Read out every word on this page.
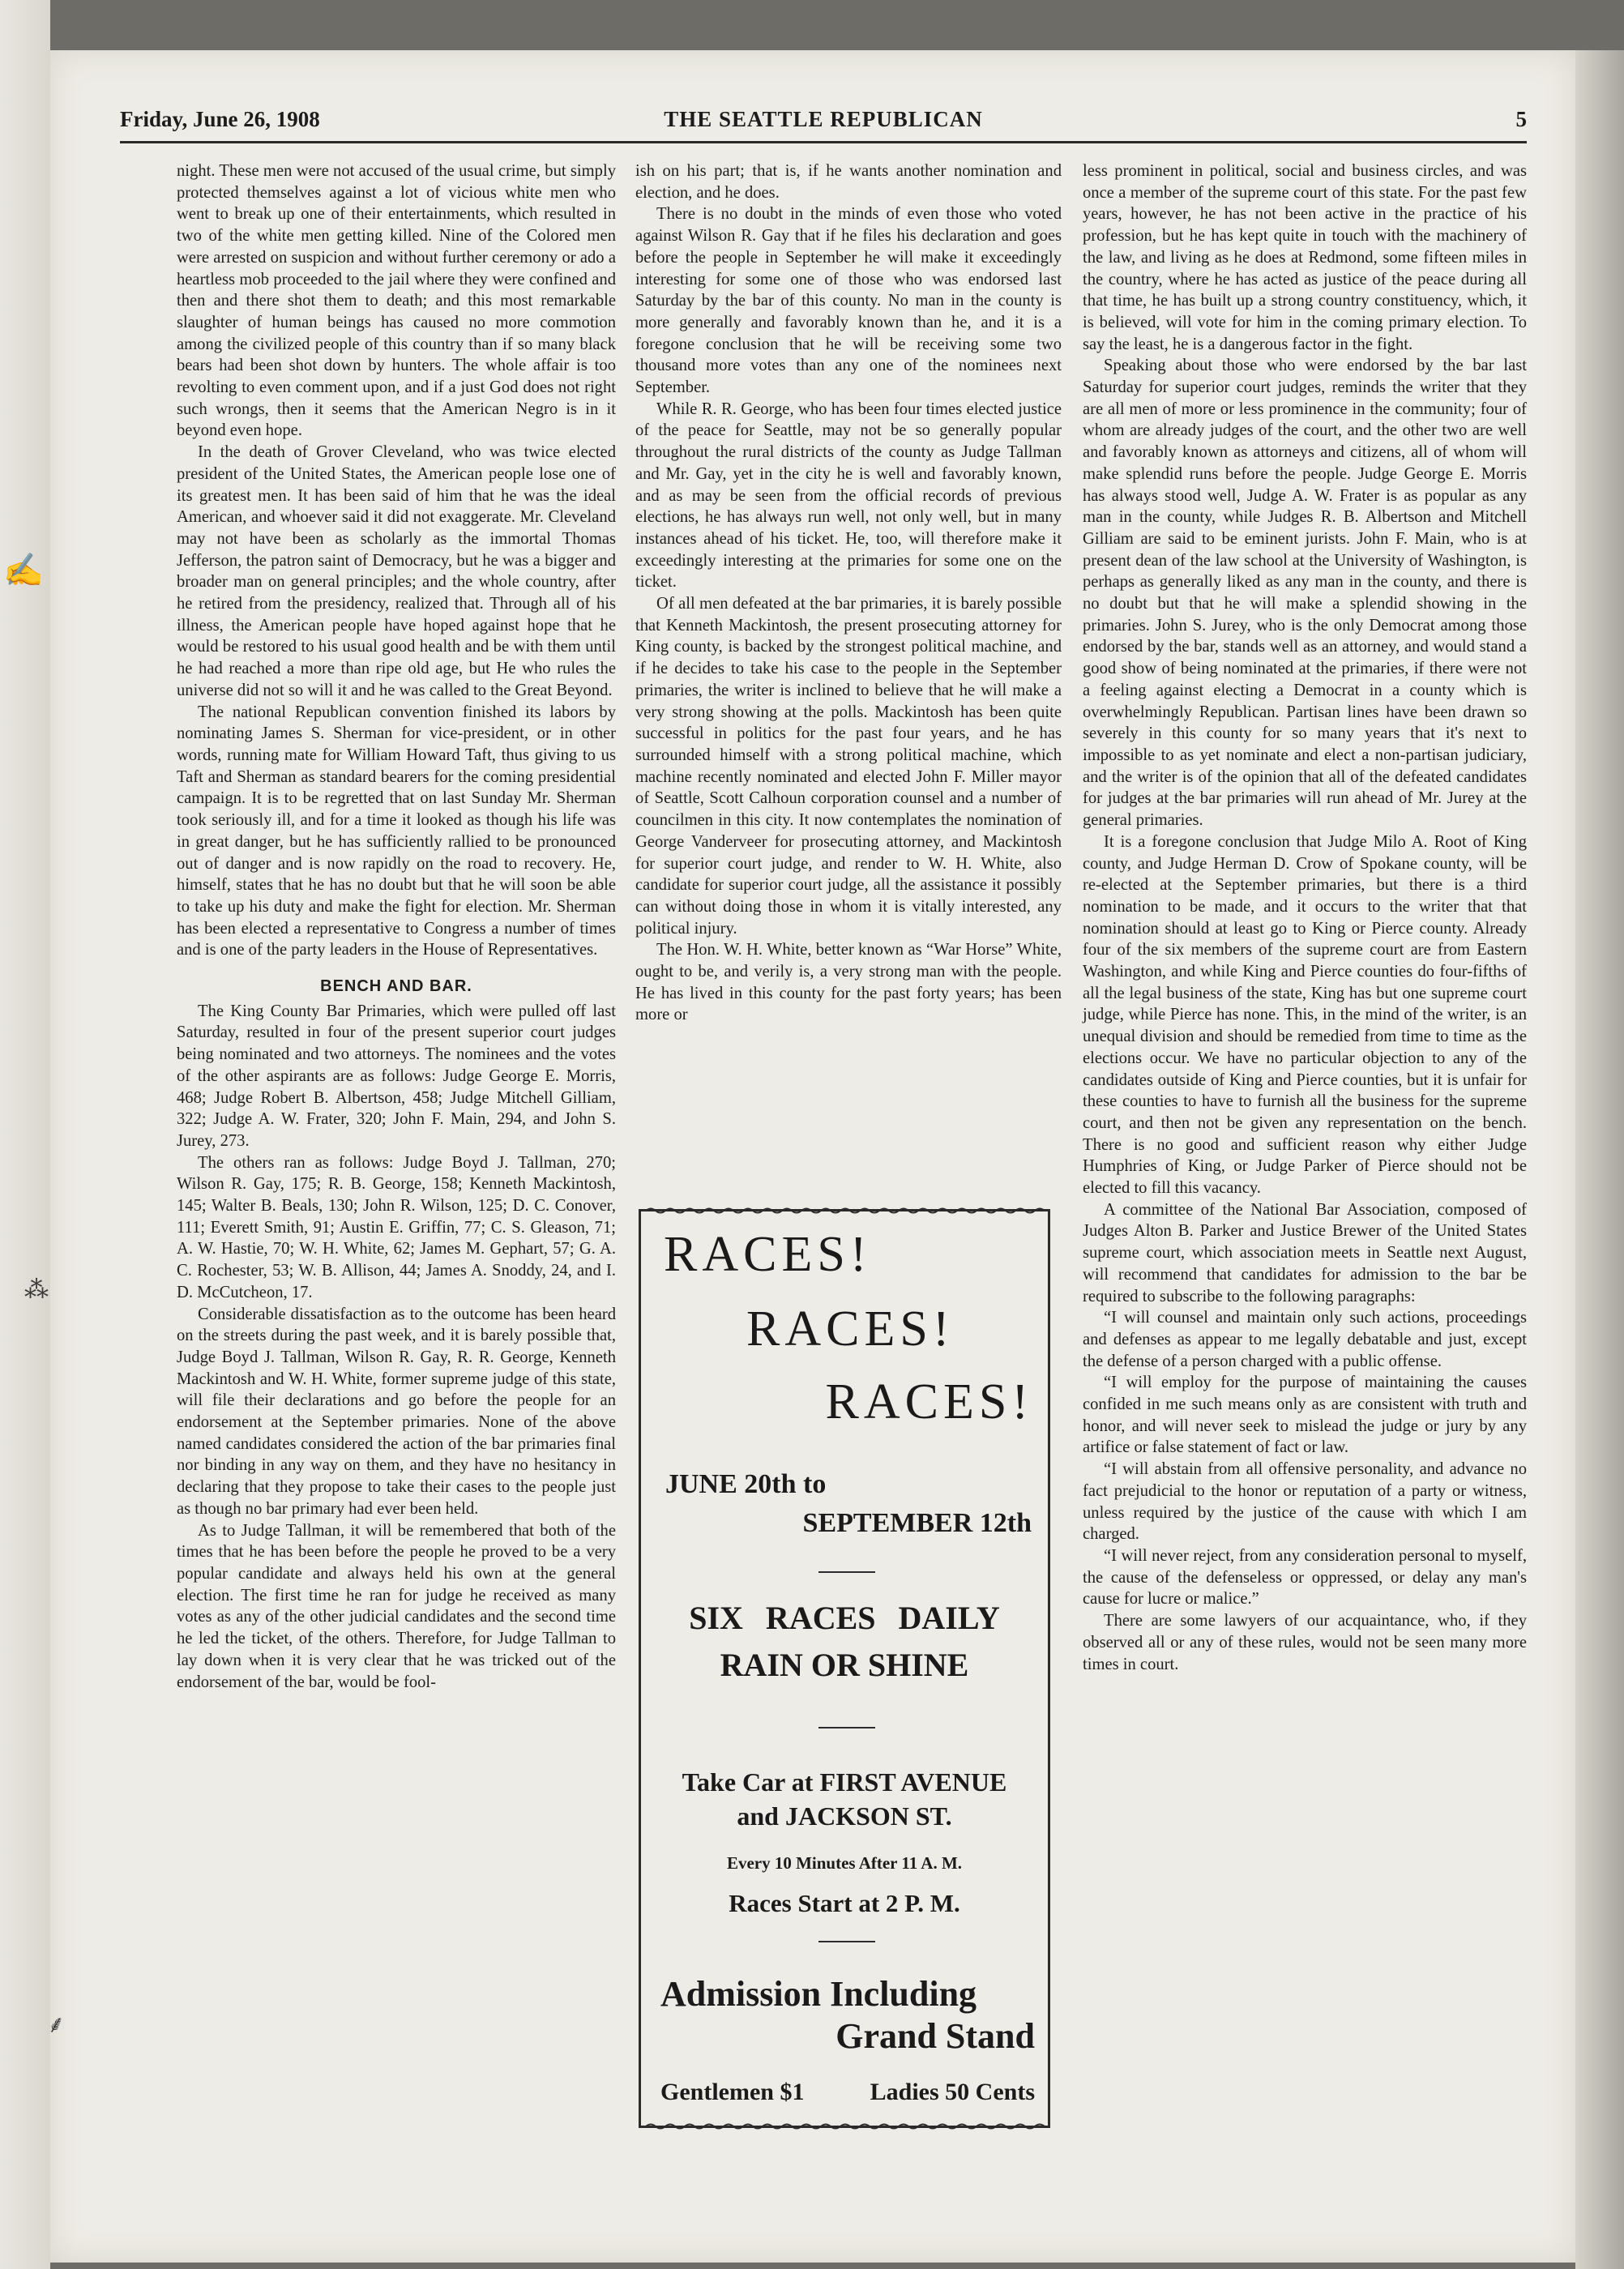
✍
⁂
⸙
Friday, June 26, 1908	THE SEATTLE REPUBLICAN	5

night. These men were not accused of the usual crime, but simply protected themselves against a lot of vicious white men who went to break up one of their entertainments, which resulted in two of the white men getting killed. Nine of the Colored men were arrested on suspicion and without further ceremony or ado a heartless mob proceeded to the jail where they were confined and then and there shot them to death; and this most remarkable slaughter of human beings has caused no more commotion among the civilized people of this country than if so many black bears had been shot down by hunters. The whole affair is too revolting to even comment upon, and if a just God does not right such wrongs, then it seems that the American Negro is in it beyond even hope.

In the death of Grover Cleveland, who was twice elected president of the United States, the American people lose one of its greatest men. It has been said of him that he was the ideal American, and whoever said it did not exaggerate. Mr. Cleveland may not have been as scholarly as the immortal Thomas Jefferson, the patron saint of Democracy, but he was a bigger and broader man on general principles; and the whole country, after he retired from the presidency, realized that. Through all of his illness, the American people have hoped against hope that he would be restored to his usual good health and be with them until he had reached a more than ripe old age, but He who rules the universe did not so will it and he was called to the Great Beyond.

The national Republican convention finished its labors by nominating James S. Sherman for vice-president, or in other words, running mate for William Howard Taft, thus giving to us Taft and Sherman as standard bearers for the coming presidential campaign. It is to be regretted that on last Sunday Mr. Sherman took seriously ill, and for a time it looked as though his life was in great danger, but he has sufficiently rallied to be pronounced out of danger and is now rapidly on the road to recovery. He, himself, states that he has no doubt but that he will soon be able to take up his duty and make the fight for election. Mr. Sherman has been elected a representative to Congress a number of times and is one of the party leaders in the House of Representatives.

BENCH AND BAR.

The King County Bar Primaries, which were pulled off last Saturday, resulted in four of the present superior court judges being nominated and two attorneys. The nominees and the votes of the other aspirants are as follows: Judge George E. Morris, 468; Judge Robert B. Albertson, 458; Judge Mitchell Gilliam, 322; Judge A. W. Frater, 320; John F. Main, 294, and John S. Jurey, 273.

The others ran as follows: Judge Boyd J. Tallman, 270; Wilson R. Gay, 175; R. B. George, 158; Kenneth Mackintosh, 145; Walter B. Beals, 130; John R. Wilson, 125; D. C. Conover, 111; Everett Smith, 91; Austin E. Griffin, 77; C. S. Gleason, 71; A. W. Hastie, 70; W. H. White, 62; James M. Gephart, 57; G. A. C. Rochester, 53; W. B. Allison, 44; James A. Snoddy, 24, and I. D. McCutcheon, 17.

Considerable dissatisfaction as to the outcome has been heard on the streets during the past week, and it is barely possible that, Judge Boyd J. Tallman, Wilson R. Gay, R. R. George, Kenneth Mackintosh and W. H. White, former supreme judge of this state, will file their declarations and go before the people for an endorsement at the September primaries. None of the above named candidates considered the action of the bar primaries final nor binding in any way on them, and they have no hesitancy in declaring that they propose to take their cases to the people just as though no bar primary had ever been held.

As to Judge Tallman, it will be remembered that both of the times that he has been before the people he proved to be a very popular candidate and always held his own at the general election. The first time he ran for judge he received as many votes as any of the other judicial candidates and the second time he led the ticket, of the others. Therefore, for Judge Tallman to lay down when it is very clear that he was tricked out of the endorsement of the bar, would be fool-

ish on his part; that is, if he wants another nomination and election, and he does.

There is no doubt in the minds of even those who voted against Wilson R. Gay that if he files his declaration and goes before the people in September he will make it exceedingly interesting for some one of those who was endorsed last Saturday by the bar of this county. No man in the county is more generally and favorably known than he, and it is a foregone conclusion that he will be receiving some two thousand more votes than any one of the nominees next September.

While R. R. George, who has been four times elected justice of the peace for Seattle, may not be so generally popular throughout the rural districts of the county as Judge Tallman and Mr. Gay, yet in the city he is well and favorably known, and as may be seen from the official records of previous elections, he has always run well, not only well, but in many instances ahead of his ticket. He, too, will therefore make it exceedingly interesting at the primaries for some one on the ticket.

Of all men defeated at the bar primaries, it is barely possible that Kenneth Mackintosh, the present prosecuting attorney for King county, is backed by the strongest political machine, and if he decides to take his case to the people in the September primaries, the writer is inclined to believe that he will make a very strong showing at the polls. Mackintosh has been quite successful in politics for the past four years, and he has surrounded himself with a strong political machine, which machine recently nominated and elected John F. Miller mayor of Seattle, Scott Calhoun corporation counsel and a number of councilmen in this city. It now contemplates the nomination of George Vanderveer for prosecuting attorney, and Mackintosh for superior court judge, and render to W. H. White, also candidate for superior court judge, all the assistance it possibly can without doing those in whom it is vitally interested, any political injury.

The Hon. W. H. White, better known as “War Horse” White, ought to be, and verily is, a very strong man with the people. He has lived in this county for the past forty years; has been more or

RACES!
RACES!
RACES!
JUNE 20th to
SEPTEMBER 12th
SIX RACES DAILY
RAIN OR SHINE
Take Car at FIRST AVENUE
and JACKSON ST.
Every 10 Minutes After 11 A. M.
Races Start at 2 P. M.
Admission Including
Grand Stand
Gentlemen $1	Ladies 50 Cents

less prominent in political, social and business circles, and was once a member of the supreme court of this state. For the past few years, however, he has not been active in the practice of his profession, but he has kept quite in touch with the machinery of the law, and living as he does at Redmond, some fifteen miles in the country, where he has acted as justice of the peace during all that time, he has built up a strong country constituency, which, it is believed, will vote for him in the coming primary election. To say the least, he is a dangerous factor in the fight.

Speaking about those who were endorsed by the bar last Saturday for superior court judges, reminds the writer that they are all men of more or less prominence in the community; four of whom are already judges of the court, and the other two are well and favorably known as attorneys and citizens, all of whom will make splendid runs before the people. Judge George E. Morris has always stood well, Judge A. W. Frater is as popular as any man in the county, while Judges R. B. Albertson and Mitchell Gilliam are said to be eminent jurists. John F. Main, who is at present dean of the law school at the University of Washington, is perhaps as generally liked as any man in the county, and there is no doubt but that he will make a splendid showing in the primaries. John S. Jurey, who is the only Democrat among those endorsed by the bar, stands well as an attorney, and would stand a good show of being nominated at the primaries, if there were not a feeling against electing a Democrat in a county which is overwhelmingly Republican. Partisan lines have been drawn so severely in this county for so many years that it's next to impossible to as yet nominate and elect a non-partisan judiciary, and the writer is of the opinion that all of the defeated candidates for judges at the bar primaries will run ahead of Mr. Jurey at the general primaries.

It is a foregone conclusion that Judge Milo A. Root of King county, and Judge Herman D. Crow of Spokane county, will be re-elected at the September primaries, but there is a third nomination to be made, and it occurs to the writer that that nomination should at least go to King or Pierce county. Already four of the six members of the supreme court are from Eastern Washington, and while King and Pierce counties do four-fifths of all the legal business of the state, King has but one supreme court judge, while Pierce has none. This, in the mind of the writer, is an unequal division and should be remedied from time to time as the elections occur. We have no particular objection to any of the candidates outside of King and Pierce counties, but it is unfair for these counties to have to furnish all the business for the supreme court, and then not be given any representation on the bench. There is no good and sufficient reason why either Judge Humphries of King, or Judge Parker of Pierce should not be elected to fill this vacancy.

A committee of the National Bar Association, composed of Judges Alton B. Parker and Justice Brewer of the United States supreme court, which association meets in Seattle next August, will recommend that candidates for admission to the bar be required to subscribe to the following paragraphs:

“I will counsel and maintain only such actions, proceedings and defenses as appear to me legally debatable and just, except the defense of a person charged with a public offense.

“I will employ for the purpose of maintaining the causes confided in me such means only as are consistent with truth and honor, and will never seek to mislead the judge or jury by any artifice or false statement of fact or law.

“I will abstain from all offensive personality, and advance no fact prejudicial to the honor or reputation of a party or witness, unless required by the justice of the cause with which I am charged.

“I will never reject, from any consideration personal to myself, the cause of the defenseless or oppressed, or delay any man's cause for lucre or malice.”

There are some lawyers of our acquaintance, who, if they observed all or any of these rules, would not be seen many more times in court.
